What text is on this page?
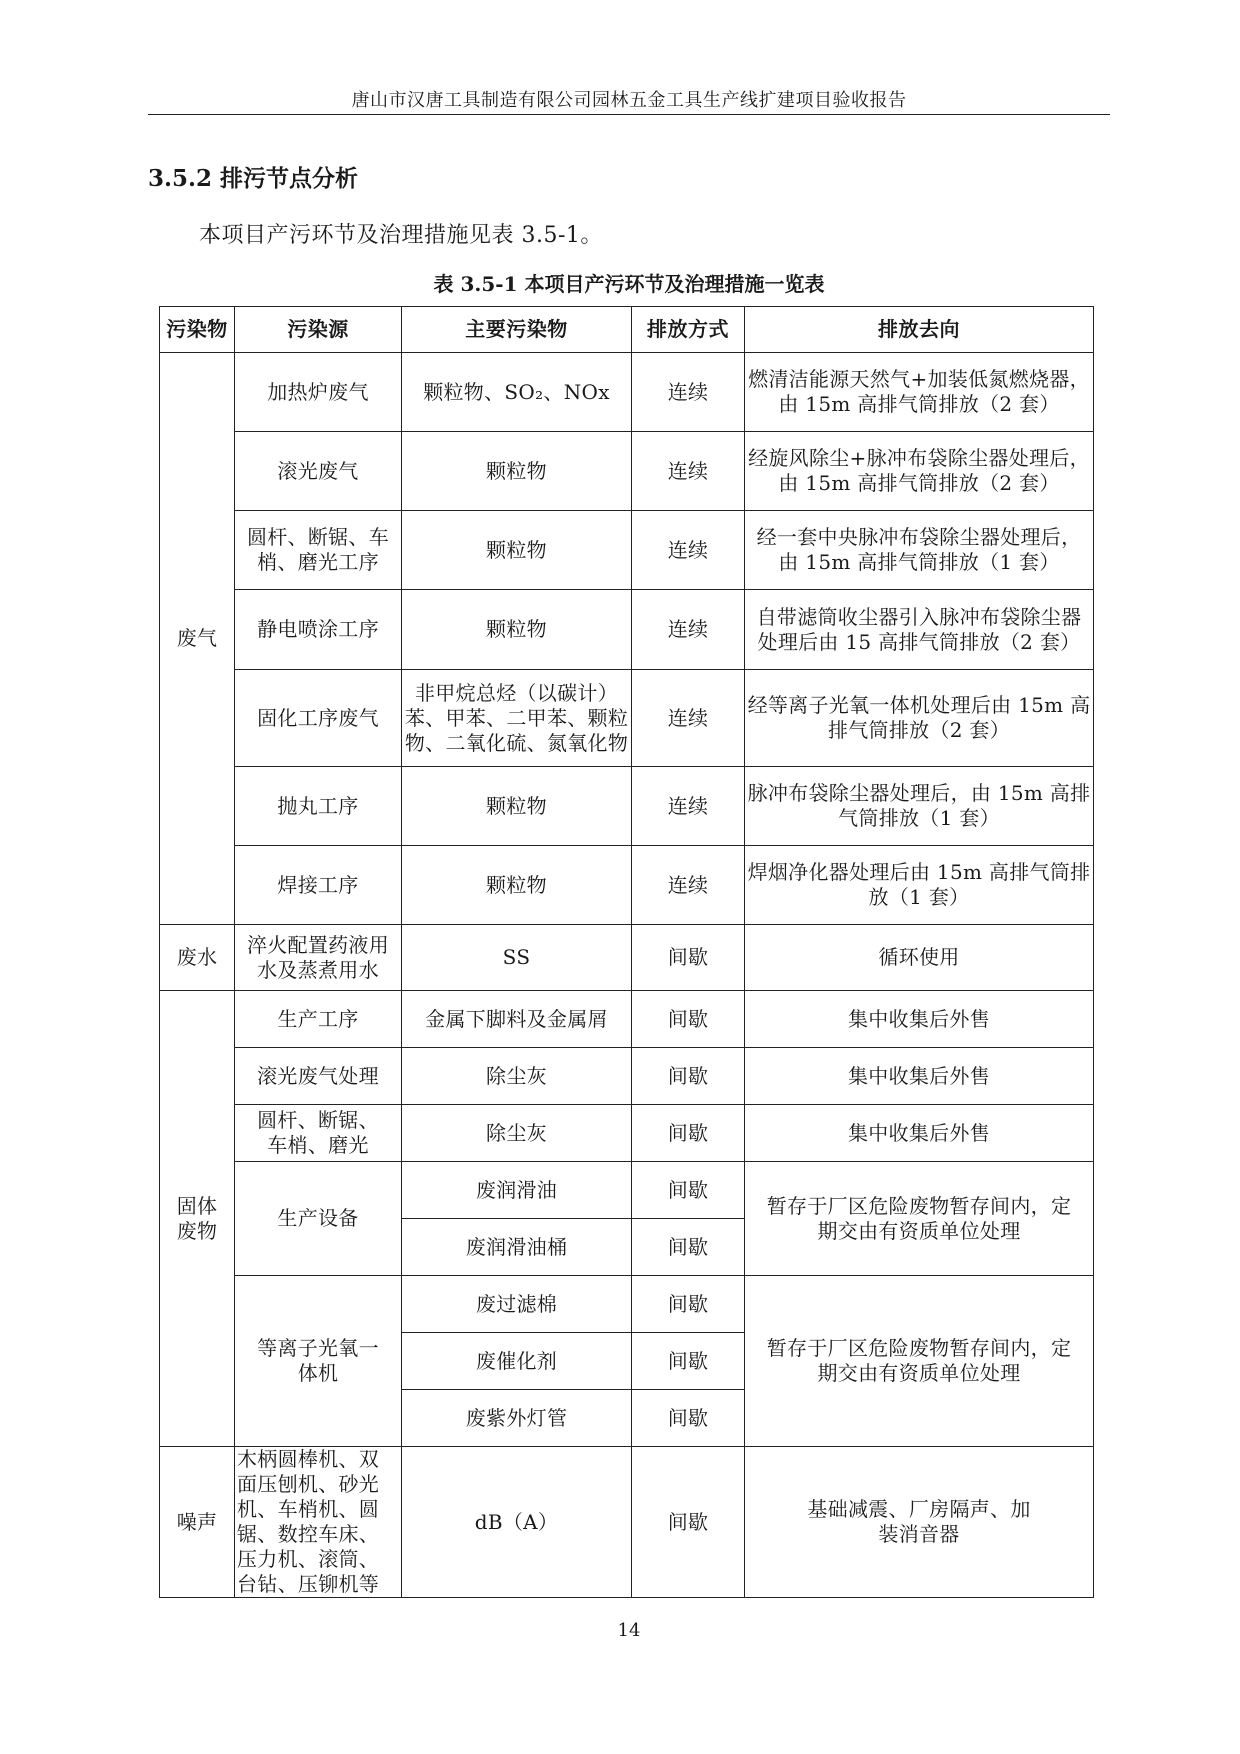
唐山市汉唐工具制造有限公司园林五金工具生产线扩建项目验收报告
3.5.2 排污节点分析
本项目产污环节及治理措施见表 3.5-1。
表 3.5-1 本项目产污环节及治理措施一览表
污染物	污染源	主要污染物	排放方式	排放去向
废气	加热炉废气	颗粒物、SO₂、NOx	连续	燃清洁能源天然气+加装低氮燃烧器，由 15m 高排气筒排放（2 套）
	滚光废气	颗粒物	连续	经旋风除尘+脉冲布袋除尘器处理后，由 15m 高排气筒排放（2 套）
	圆杆、断锯、车梢、磨光工序	颗粒物	连续	经一套中央脉冲布袋除尘器处理后，由 15m 高排气筒排放（1 套）
	静电喷涂工序	颗粒物	连续	自带滤筒收尘器引入脉冲布袋除尘器处理后由 15 高排气筒排放（2 套）
	固化工序废气	非甲烷总烃（以碳计）苯、甲苯、二甲苯、颗粒物、二氧化硫、氮氧化物	连续	经等离子光氧一体机处理后由 15m 高排气筒排放（2 套）
	抛丸工序	颗粒物	连续	脉冲布袋除尘器处理后，由 15m 高排气筒排放（1 套）
	焊接工序	颗粒物	连续	焊烟净化器处理后由 15m 高排气筒排放（1 套）
废水	淬火配置药液用水及蒸煮用水	SS	间歇	循环使用
固体废物	生产工序	金属下脚料及金属屑	间歇	集中收集后外售
	滚光废气处理	除尘灰	间歇	集中收集后外售
	圆杆、断锯、车梢、磨光	除尘灰	间歇	集中收集后外售
	生产设备	废润滑油	间歇	暂存于厂区危险废物暂存间内，定期交由有资质单位处理
		废润滑油桶	间歇	
	等离子光氧一体机	废过滤棉	间歇	暂存于厂区危险废物暂存间内，定期交由有资质单位处理
		废催化剂	间歇	
		废紫外灯管	间歇	
噪声	木柄圆棒机、双面压刨机、砂光机、车梢机、圆锯、数控车床、压力机、滚筒、台钻、压铆机等	dB（A）	间歇	基础减震、厂房隔声、加装消音器
14
